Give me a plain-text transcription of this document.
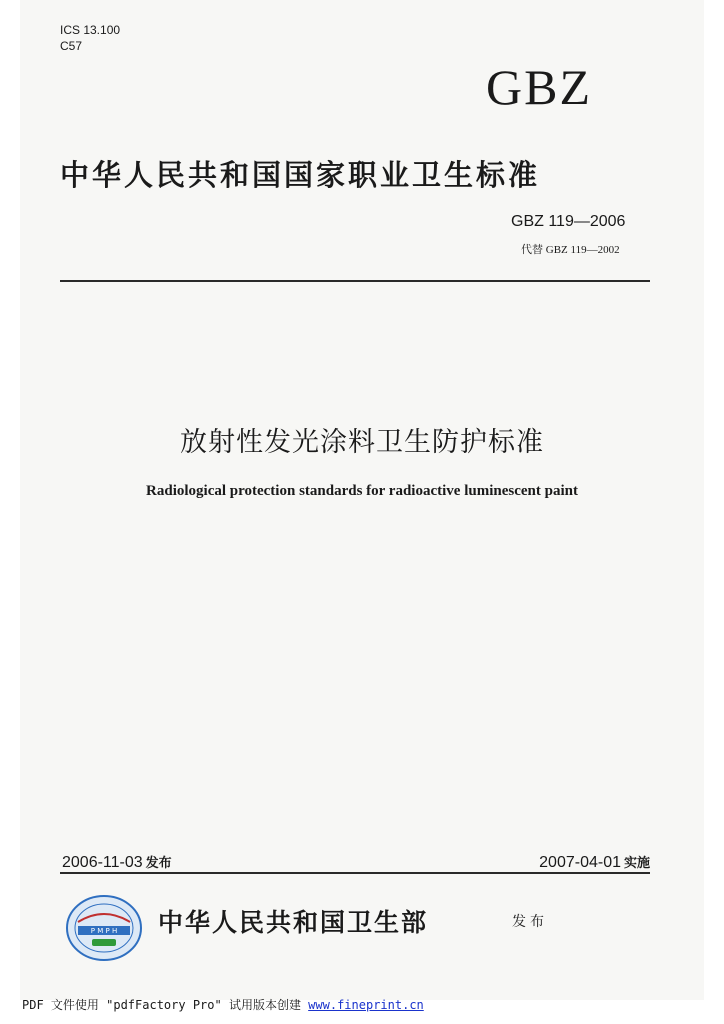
ICS 13.100
C57
GBZ
中华人民共和国国家职业卫生标准
GBZ 119—2006
代替 GBZ 119—2002
放射性发光涂料卫生防护标准
Radiological protection standards for radioactive luminescent paint
2006-11-03 发布	2007-04-01 实施
P M P H 中华人民共和国卫生部	发布
PDF 文件使用 "pdfFactory Pro" 试用版本创建 www.fineprint.cn
